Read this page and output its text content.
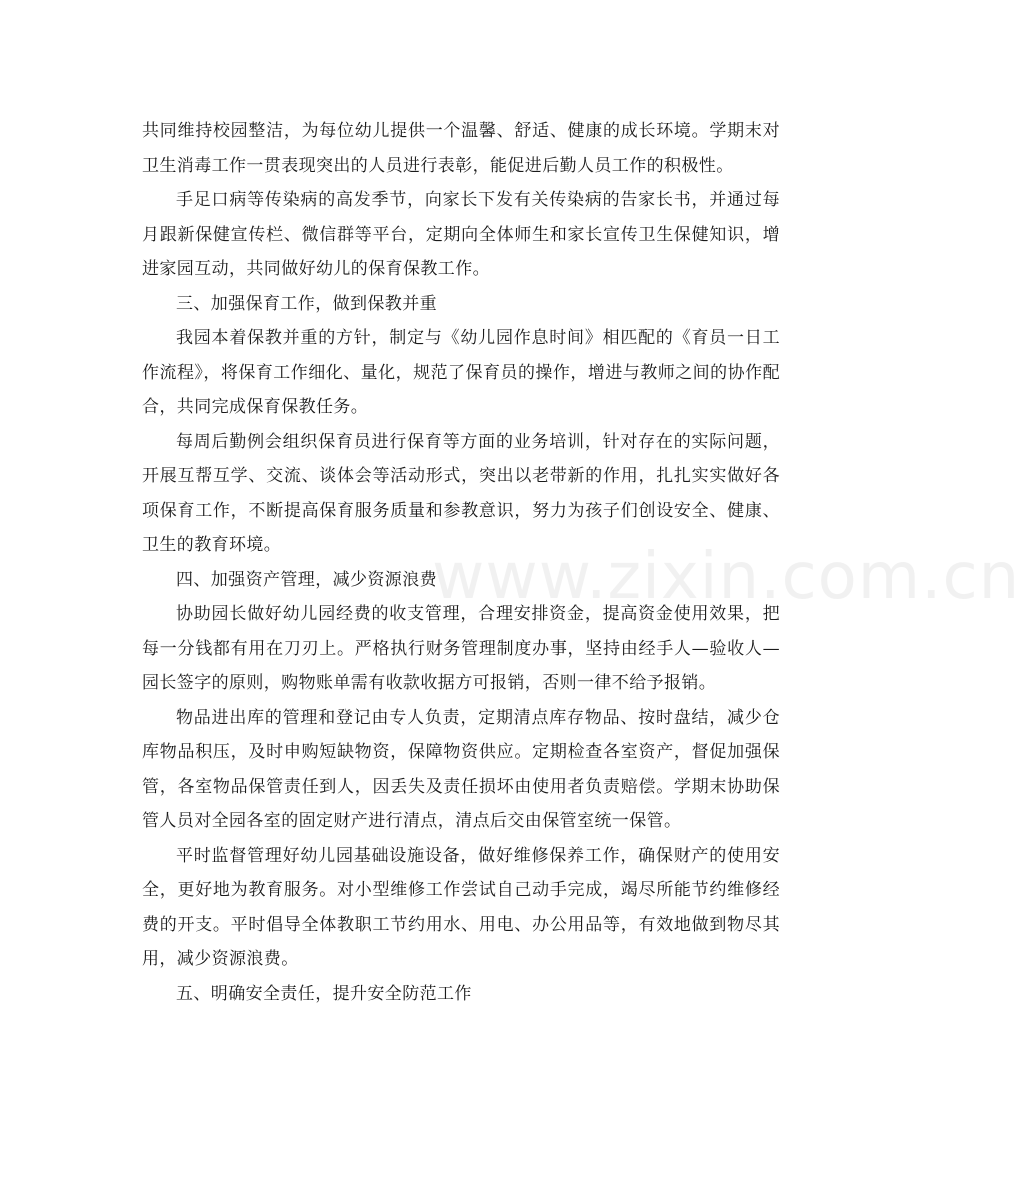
共同维持校园整洁，为每位幼儿提供一个温馨、舒适、健康的成长环境。学期末对卫生消毒工作一贯表现突出的人员进行表彰，能促进后勤人员工作的积极性。

手足口病等传染病的高发季节，向家长下发有关传染病的告家长书，并通过每月跟新保健宣传栏、微信群等平台，定期向全体师生和家长宣传卫生保健知识，增进家园互动，共同做好幼儿的保育保教工作。

三、加强保育工作，做到保教并重

我园本着保教并重的方针，制定与《幼儿园作息时间》相匹配的《育员一日工作流程》，将保育工作细化、量化，规范了保育员的操作，增进与教师之间的协作配合，共同完成保育保教任务。

每周后勤例会组织保育员进行保育等方面的业务培训，针对存在的实际问题，开展互帮互学、交流、谈体会等活动形式，突出以老带新的作用，扎扎实实做好各项保育工作，不断提高保育服务质量和参教意识，努力为孩子们创设安全、健康、卫生的教育环境。

四、加强资产管理，减少资源浪费

协助园长做好幼儿园经费的收支管理，合理安排资金，提高资金使用效果，把每一分钱都有用在刀刃上。严格执行财务管理制度办事，坚持由经手人—验收人—园长签字的原则，购物账单需有收款收据方可报销，否则一律不给予报销。

物品进出库的管理和登记由专人负责，定期清点库存物品、按时盘结，减少仓库物品积压，及时申购短缺物资，保障物资供应。定期检查各室资产，督促加强保管，各室物品保管责任到人，因丢失及责任损坏由使用者负责赔偿。学期末协助保管人员对全园各室的固定财产进行清点，清点后交由保管室统一保管。

平时监督管理好幼儿园基础设施设备，做好维修保养工作，确保财产的使用安全，更好地为教育服务。对小型维修工作尝试自己动手完成，竭尽所能节约维修经费的开支。平时倡导全体教职工节约用水、用电、办公用品等，有效地做到物尽其用，减少资源浪费。

五、明确安全责任，提升安全防范工作

www.zixin.com.cn
